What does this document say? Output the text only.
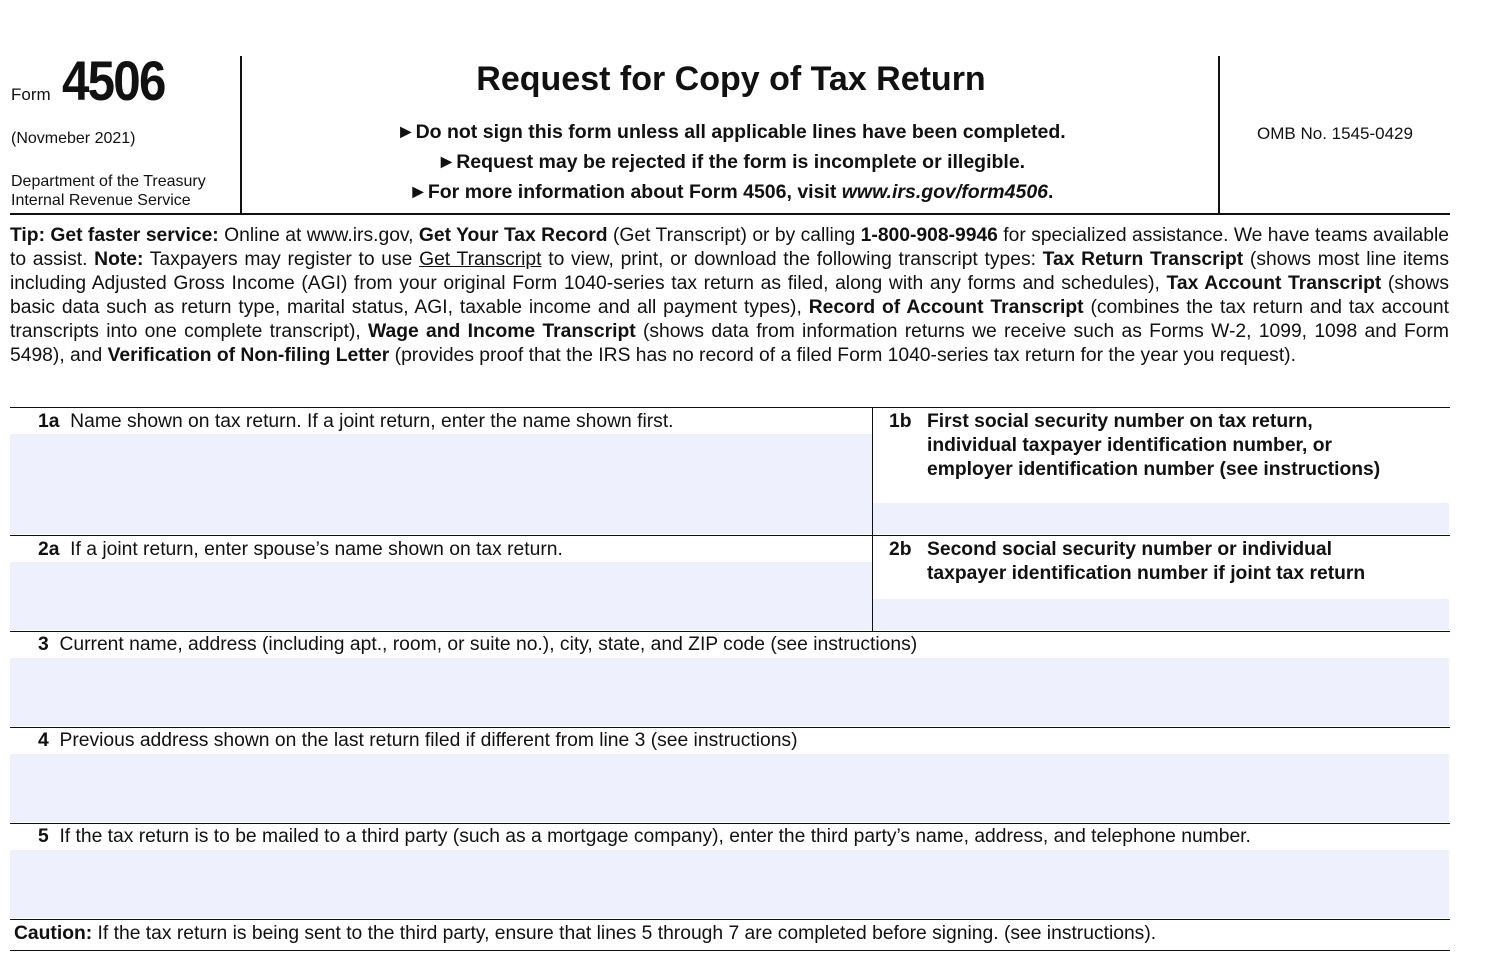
Form 4506
(Novmeber 2021)
Department of the Treasury
Internal Revenue Service
Request for Copy of Tax Return
►Do not sign this form unless all applicable lines have been completed.
►Request may be rejected if the form is incomplete or illegible.
►For more information about Form 4506, visit www.irs.gov/form4506.
OMB No. 1545-0429
Tip: Get faster service: Online at www.irs.gov, Get Your Tax Record (Get Transcript) or by calling 1-800-908-9946 for specialized assistance. We have teams available to assist. Note: Taxpayers may register to use Get Transcript to view, print, or download the following transcript types: Tax Return Transcript (shows most line items including Adjusted Gross Income (AGI) from your original Form 1040-series tax return as filed, along with any forms and schedules), Tax Account Transcript (shows basic data such as return type, marital status, AGI, taxable income and all payment types), Record of Account Transcript (combines the tax return and tax account transcripts into one complete transcript), Wage and Income Transcript (shows data from information returns we receive such as Forms W-2, 1099, 1098 and Form 5498), and Verification of Non-filing Letter (provides proof that the IRS has no record of a filed Form 1040-series tax return for the year you request).
1a Name shown on tax return. If a joint return, enter the name shown first.	1b First social security number on tax return,
individual taxpayer identification number, or
employer identification number (see instructions)
2a If a joint return, enter spouse’s name shown on tax return.	2b Second social security number or individual
taxpayer identification number if joint tax return
3 Current name, address (including apt., room, or suite no.), city, state, and ZIP code (see instructions)
4 Previous address shown on the last return filed if different from line 3 (see instructions)
5 If the tax return is to be mailed to a third party (such as a mortgage company), enter the third party’s name, address, and telephone number.
Caution: If the tax return is being sent to the third party, ensure that lines 5 through 7 are completed before signing. (see instructions).
